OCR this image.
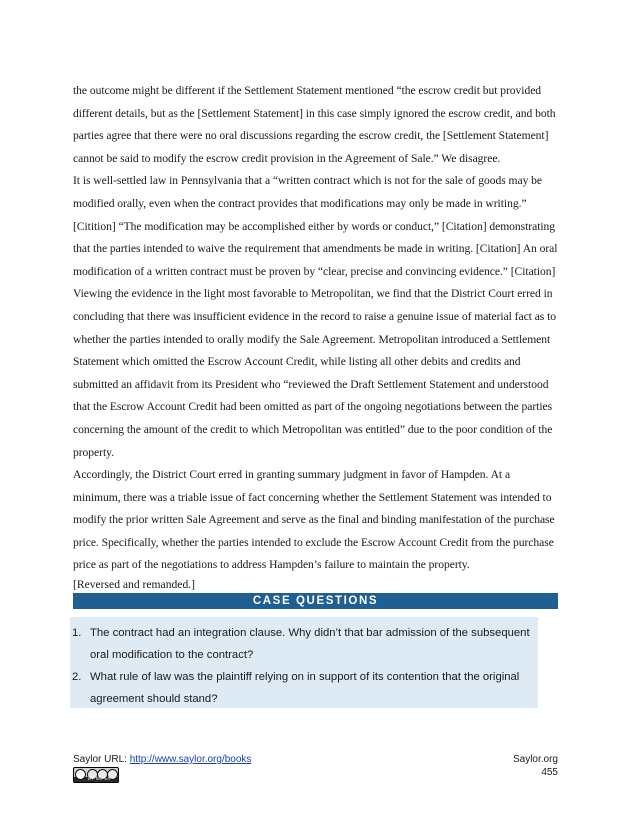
the outcome might be different if the Settlement Statement mentioned “the escrow credit but provided different details, but as the [Settlement Statement] in this case simply ignored the escrow credit, and both parties agree that there were no oral discussions regarding the escrow credit, the [Settlement Statement] cannot be said to modify the escrow credit provision in the Agreement of Sale.” We disagree.

It is well-settled law in Pennsylvania that a “written contract which is not for the sale of goods may be modified orally, even when the contract provides that modifications may only be made in writing.” [Citition] “The modification may be accomplished either by words or conduct,” [Citation] demonstrating that the parties intended to waive the requirement that amendments be made in writing. [Citation] An oral modification of a written contract must be proven by “clear, precise and convincing evidence.” [Citation] Viewing the evidence in the light most favorable to Metropolitan, we find that the District Court erred in concluding that there was insufficient evidence in the record to raise a genuine issue of material fact as to whether the parties intended to orally modify the Sale Agreement. Metropolitan introduced a Settlement Statement which omitted the Escrow Account Credit, while listing all other debits and credits and submitted an affidavit from its President who “reviewed the Draft Settlement Statement and understood that the Escrow Account Credit had been omitted as part of the ongoing negotiations between the parties concerning the amount of the credit to which Metropolitan was entitled” due to the poor condition of the property.

Accordingly, the District Court erred in granting summary judgment in favor of Hampden. At a minimum, there was a triable issue of fact concerning whether the Settlement Statement was intended to modify the prior written Sale Agreement and serve as the final and binding manifestation of the purchase price. Specifically, whether the parties intended to exclude the Escrow Account Credit from the purchase price as part of the negotiations to address Hampden’s failure to maintain the property.

[Reversed and remanded.]
CASE QUESTIONS
1. The contract had an integration clause. Why didn’t that bar admission of the subsequent oral modification to the contract?
2. What rule of law was the plaintiff relying on in support of its contention that the original agreement should stand?
Saylor URL: http://www.saylor.org/books
BY NC SA
Saylor.org
455
